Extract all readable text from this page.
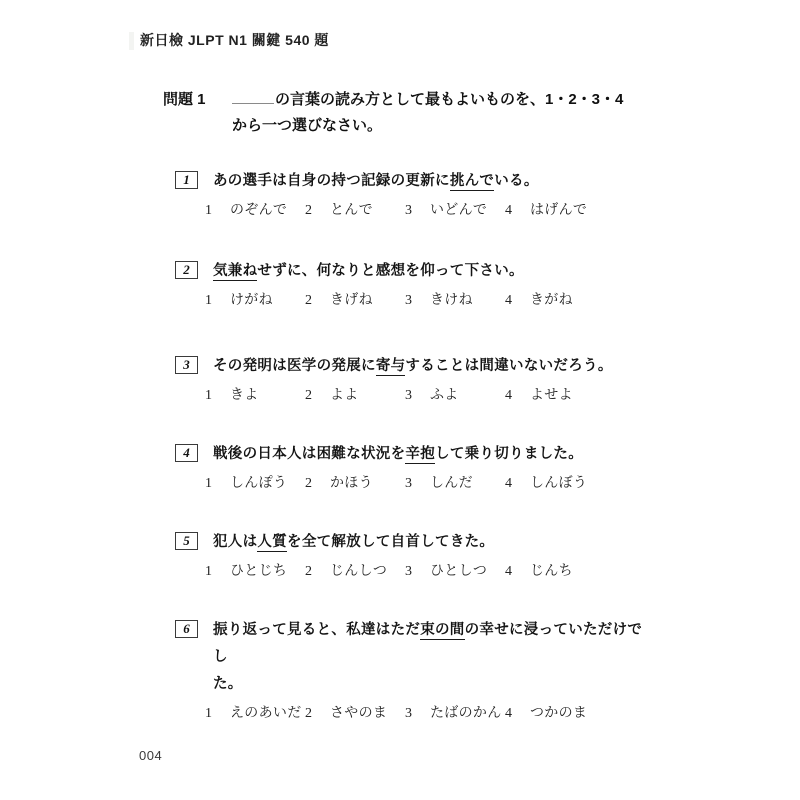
新日檢 JLPT N1 關鍵 540 題
問題 1	の言葉の読み方として最もよいものを、1・2・3・4
から一つ選びなさい。
1	あの選手は自身の持つ記録の更新に挑んでいる。
1	のぞんで 2	とんで 3	いどんで 4	はげんで
2	気兼ねせずに、何なりと感想を仰って下さい。
1	けがね 2	きげね 3	きけね 4	きがね
3	その発明は医学の発展に寄与することは間違いないだろう。
1	きよ	2	よよ	3	ふよ	4	よせよ
4	戦後の日本人は困難な状況を辛抱して乗り切りました。
1	しんぽう 2	かほう 3	しんだ 4	しんぼう
5	犯人は人質を全て解放して自首してきた。
1	ひとじち 2	じんしつ 3	ひとしつ 4	じんち
6	振り返って見ると、私達はただ束の間の幸せに浸っていただけでし
た。
1	えのあいだ 2	さやのま 3	たばのかん 4	つかのま
004
